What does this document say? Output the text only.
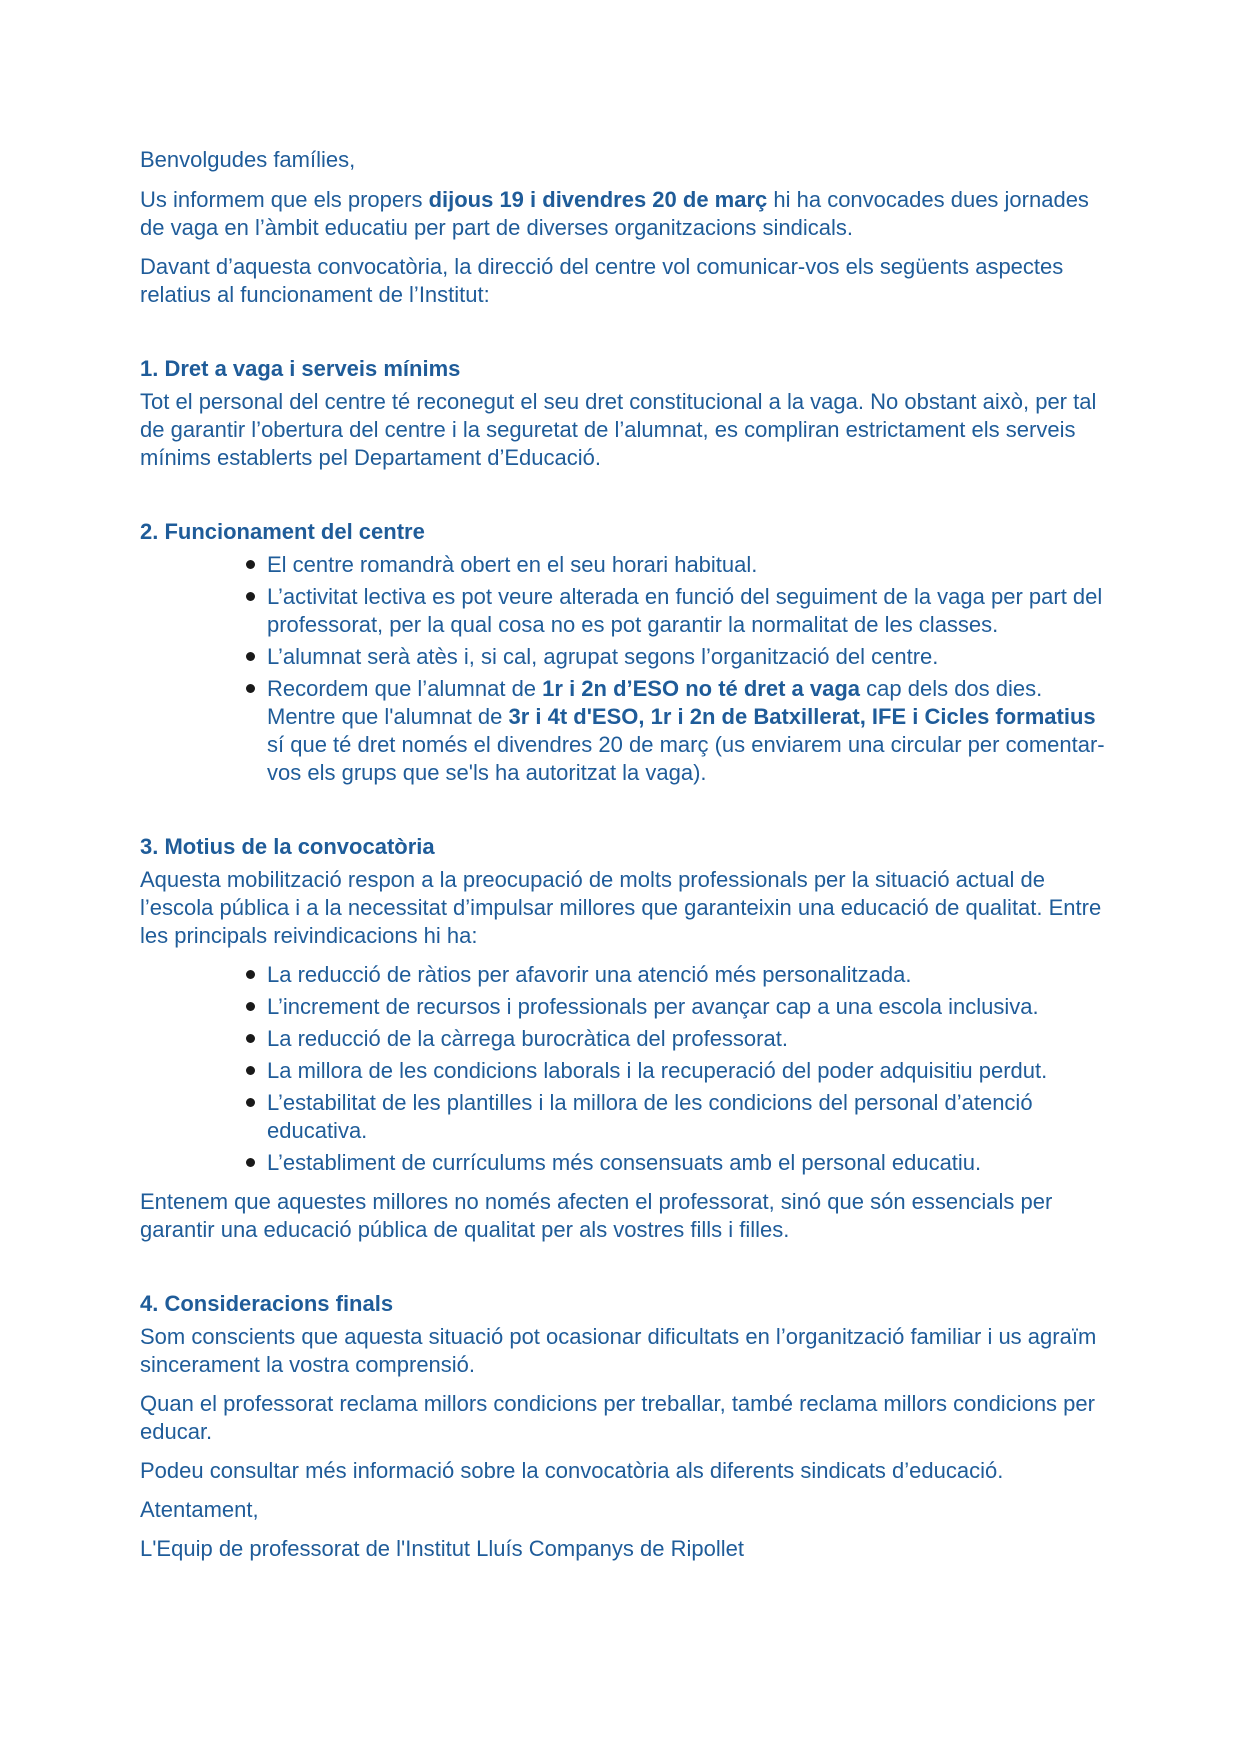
Benvolgudes famílies,

Us informem que els propers dijous 19 i divendres 20 de març hi ha convocades dues jornades de vaga en l’àmbit educatiu per part de diverses organitzacions sindicals.

Davant d’aquesta convocatòria, la direcció del centre vol comunicar-vos els següents aspectes relatius al funcionament de l’Institut:

1. Dret a vaga i serveis mínims

Tot el personal del centre té reconegut el seu dret constitucional a la vaga. No obstant això, per tal de garantir l’obertura del centre i la seguretat de l’alumnat, es compliran estrictament els serveis mínims establerts pel Departament d’Educació.

2. Funcionament del centre
El centre romandrà obert en el seu horari habitual.
L’activitat lectiva es pot veure alterada en funció del seguiment de la vaga per part del professorat, per la qual cosa no es pot garantir la normalitat de les classes.
L’alumnat serà atès i, si cal, agrupat segons l’organització del centre.
Recordem que l’alumnat de 1r i 2n d’ESO no té dret a vaga cap dels dos dies. Mentre que l'alumnat de 3r i 4t d'ESO, 1r i 2n de Batxillerat, IFE i Cicles formatius sí que té dret només el divendres 20 de març (us enviarem una circular per comentar-vos els grups que se'ls ha autoritzat la vaga).
3. Motius de la convocatòria

Aquesta mobilització respon a la preocupació de molts professionals per la situació actual de l’escola pública i a la necessitat d’impulsar millores que garanteixin una educació de qualitat. Entre les principals reivindicacions hi ha:

La reducció de ràtios per afavorir una atenció més personalitzada.
L’increment de recursos i professionals per avançar cap a una escola inclusiva.
La reducció de la càrrega burocràtica del professorat.
La millora de les condicions laborals i la recuperació del poder adquisitiu perdut.
L’estabilitat de les plantilles i la millora de les condicions del personal d’atenció educativa.
L’establiment de currículums més consensuats amb el personal educatiu.

Entenem que aquestes millores no només afecten el professorat, sinó que són essencials per garantir una educació pública de qualitat per als vostres fills i filles.

4. Consideracions finals

Som conscients que aquesta situació pot ocasionar dificultats en l’organització familiar i us agraïm sincerament la vostra comprensió.

Quan el professorat reclama millors condicions per treballar, també reclama millors condicions per educar.

Podeu consultar més informació sobre la convocatòria als diferents sindicats d’educació.

Atentament,

L'Equip de professorat de l'Institut Lluís Companys de Ripollet
